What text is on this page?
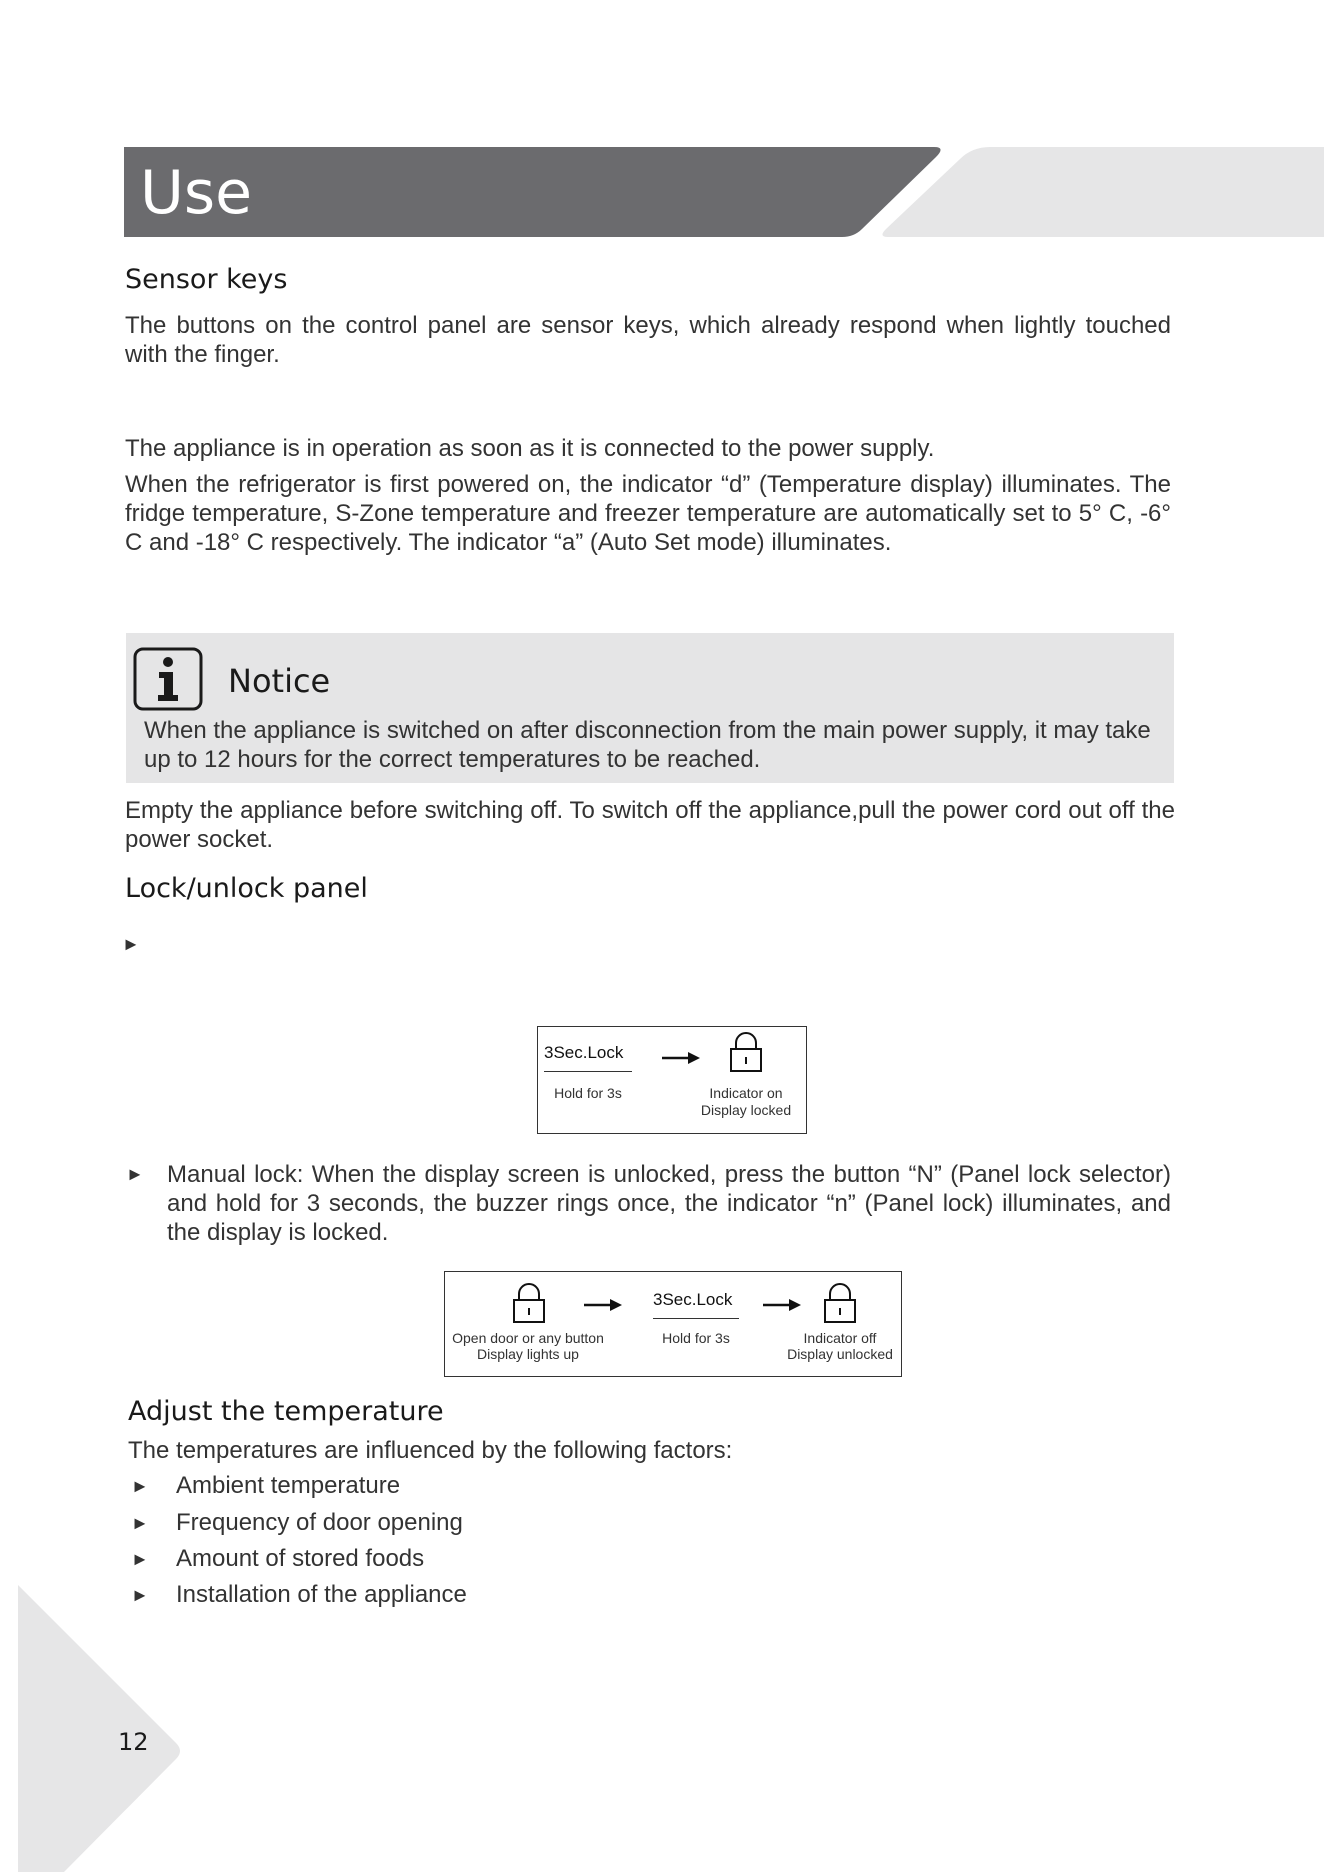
Use
Sensor keys
The buttons on the control panel are sensor keys, which already respond when lightly touched with the finger.
The appliance is in operation as soon as it is connected to the power supply.
When the refrigerator is first powered on, the indicator “d” (Temperature display) illuminates. The fridge temperature, S-Zone temperature and freezer temperature are automatically set to 5° C, -6° C and -18° C respectively. The indicator “a” (Auto Set mode) illuminates.
Notice
When the appliance is switched on after disconnection from the main power supply, it may take up to 12 hours for the correct temperatures to be reached.
Empty the appliance before switching off. To switch off the appliance,pull the power cord out off the power socket.
Lock/unlock panel
►
3Sec.Lock
Hold for 3s	Indicator on
Display locked
► Manual lock: When the display screen is unlocked, press the button “N” (Panel lock selector) and hold for 3 seconds, the buzzer rings once, the indicator “n” (Panel lock) illuminates, and the display is locked.
3Sec.Lock
Open door or any button
Display lights up
Hold for 3s	Indicator off
Display unlocked
Adjust the temperature
The temperatures are influenced by the following factors:
► Ambient temperature
► Frequency of door opening
► Amount of stored foods
► Installation of the appliance
12
